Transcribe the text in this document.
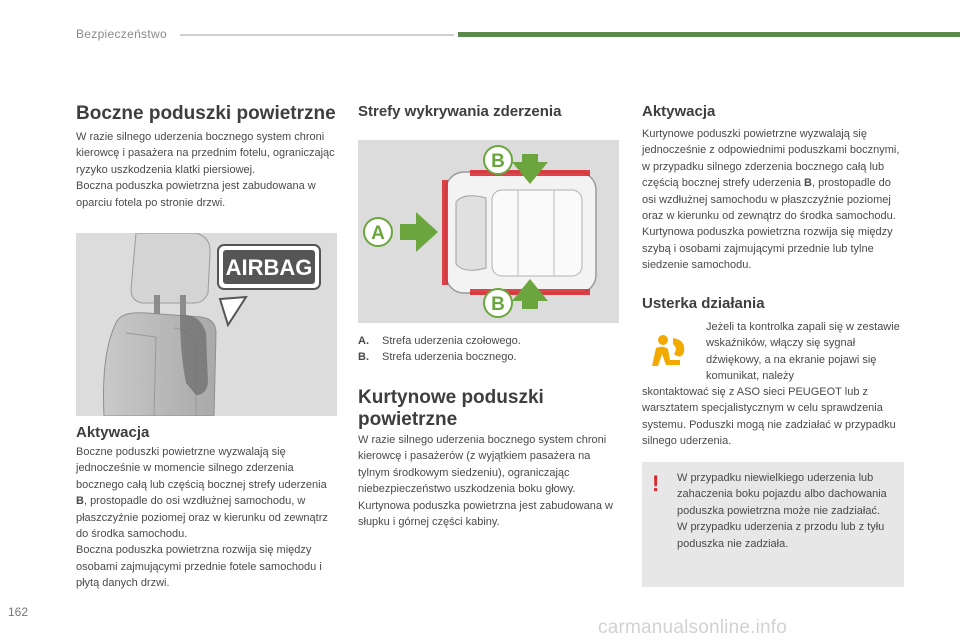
Bezpieczeństwo
Boczne poduszki powietrzne

W razie silnego uderzenia bocznego system chroni kierowcę i pasażera na przednim fotelu, ograniczając ryzyko uszkodzenia klatki piersiowej.
Boczna poduszka powietrzna jest zabudowana w oparciu fotela po stronie drzwi.

AIRBAG
Aktywacja

Boczne poduszki powietrzne wyzwalają się jednocześnie w momencie silnego zderzenia bocznego całą lub częścią bocznej strefy uderzenia B, prostopadle do osi wzdłużnej samochodu, w płaszczyźnie poziomej oraz w kierunku od zewnątrz do środka samochodu.
Boczna poduszka powietrzna rozwija się między osobami zajmującymi przednie fotele samochodu i płytą danych drzwi.

Strefy wykrywania zderzenia
B
B
A
A.	Strefa uderzenia czołowego.
B.	Strefa uderzenia bocznego.
Kurtynowe poduszki powietrzne

W razie silnego uderzenia bocznego system chroni kierowcę i pasażerów (z wyjątkiem pasażera na tylnym środkowym siedzeniu), ograniczając niebezpieczeństwo uszkodzenia boku głowy.
Kurtynowa poduszka powietrzna jest zabudowana w słupku i górnej części kabiny.

Aktywacja

Kurtynowe poduszki powietrzne wyzwalają się jednocześnie z odpowiednimi poduszkami bocznymi, w przypadku silnego zderzenia bocznego całą lub częścią bocznej strefy uderzenia B, prostopadle do osi wzdłużnej samochodu w płaszczyźnie poziomej oraz w kierunku od zewnątrz do środka samochodu.
Kurtynowa poduszka powietrzna rozwija się między szybą i osobami zajmującymi przednie lub tylne siedzenie samochodu.

Usterka działania

Jeżeli ta kontrolka zapali się w zestawie wskaźników, włączy się sygnał dźwiękowy, a na ekranie pojawi się komunikat, należy

skontaktować się z ASO sieci PEUGEOT lub z warsztatem specjalistycznym w celu sprawdzenia systemu. Poduszki mogą nie zadziałać w przypadku silnego uderzenia.

! W przypadku niewielkiego uderzenia lub zahaczenia boku pojazdu albo dachowania poduszka powietrzna może nie zadziałać.
W przypadku uderzenia z przodu lub z tyłu poduszka nie zadziała.

162
carmanualsonline.info
